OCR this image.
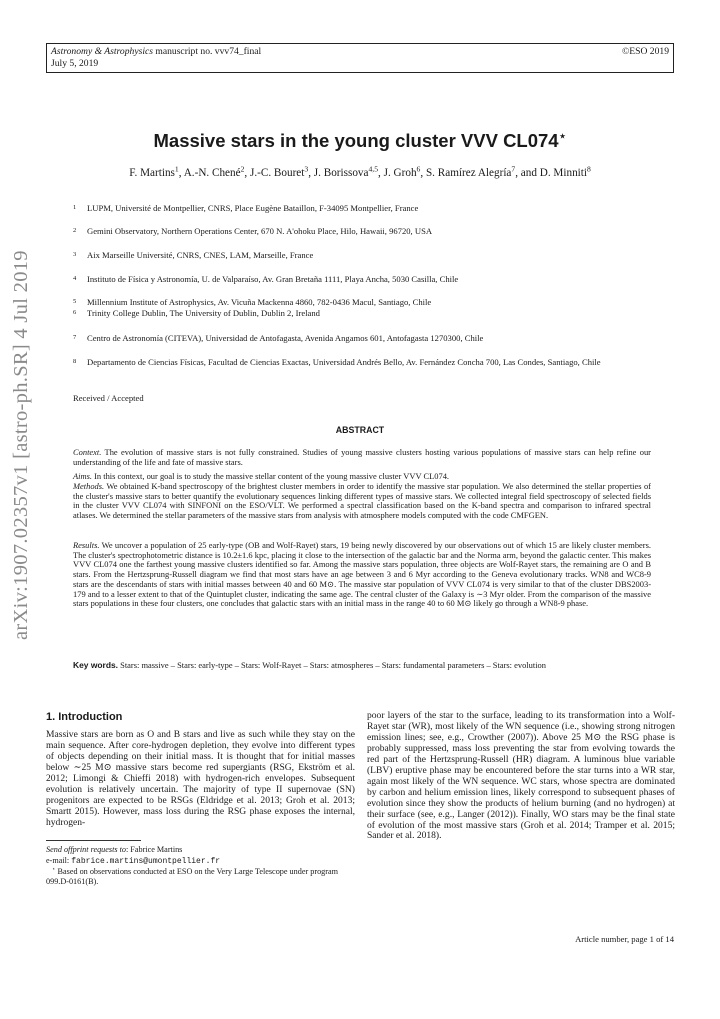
Astronomy & Astrophysics manuscript no. vvv74_final
July 5, 2019
©ESO 2019
arXiv:1907.02357v1 [astro-ph.SR] 4 Jul 2019
Massive stars in the young cluster VVV CL074⋆
F. Martins$^1$, A.-N. Chené$^2$, J.-C. Bouret$^3$, J. Borissova$^{4,5}$, J. Groh$^6$, S. Ramírez Alegría$^7$, and D. Minniti$^8$
1 LUPM, Université de Montpellier, CNRS, Place Eugène Bataillon, F-34095 Montpellier, France
2 Gemini Observatory, Northern Operations Center, 670 N. A'ohoku Place, Hilo, Hawaii, 96720, USA
3 Aix Marseille Université, CNRS, CNES, LAM, Marseille, France
4 Instituto de Física y Astronomía, U. de Valparaíso, Av. Gran Bretaña 1111, Playa Ancha, 5030 Casilla, Chile
5 Millennium Institute of Astrophysics, Av. Vicuña Mackenna 4860, 782-0436 Macul, Santiago, Chile
6 Trinity College Dublin, The University of Dublin, Dublin 2, Ireland
7 Centro de Astronomía (CITEVA), Universidad de Antofagasta, Avenida Angamos 601, Antofagasta 1270300, Chile
8 Departamento de Ciencias Físicas, Facultad de Ciencias Exactas, Universidad Andrés Bello, Av. Fernández Concha 700, Las Condes, Santiago, Chile
Received / Accepted
ABSTRACT
Context. The evolution of massive stars is not fully constrained. Studies of young massive clusters hosting various populations of massive stars can help refine our understanding of the life and fate of massive stars.
Aims. In this context, our goal is to study the massive stellar content of the young massive cluster VVV CL074.
Methods. We obtained K-band spectroscopy of the brightest cluster members in order to identify the massive star population. We also determined the stellar properties of the cluster's massive stars to better quantify the evolutionary sequences linking different types of massive stars. We collected integral field spectroscopy of selected fields in the cluster VVV CL074 with SINFONI on the ESO/VLT. We performed a spectral classification based on the K-band spectra and comparison to infrared spectral atlases. We determined the stellar parameters of the massive stars from analysis with atmosphere models computed with the code CMFGEN.
Results. We uncover a population of 25 early-type (OB and Wolf-Rayet) stars, 19 being newly discovered by our observations out of which 15 are likely cluster members. The cluster's spectrophotometric distance is 10.2±1.6 kpc, placing it close to the intersection of the galactic bar and the Norma arm, beyond the galactic center. This makes VVV CL074 one the farthest young massive clusters identified so far. Among the massive stars population, three objects are Wolf-Rayet stars, the remaining are O and B stars. From the Hertzsprung-Russell diagram we find that most stars have an age between 3 and 6 Myr according to the Geneva evolutionary tracks. WN8 and WC8-9 stars are the descendants of stars with initial masses between 40 and 60 M⊙. The massive star population of VVV CL074 is very similar to that of the cluster DBS2003-179 and to a lesser extent to that of the Quintuplet cluster, indicating the same age. The central cluster of the Galaxy is ∼3 Myr older. From the comparison of the massive stars populations in these four clusters, one concludes that galactic stars with an initial mass in the range 40 to 60 M⊙ likely go through a WN8-9 phase.
Key words. Stars: massive – Stars: early-type – Stars: Wolf-Rayet – Stars: atmospheres – Stars: fundamental parameters – Stars: evolution
1. Introduction
Massive stars are born as O and B stars and live as such while they stay on the main sequence. After core-hydrogen depletion, they evolve into different types of objects depending on their initial mass. It is thought that for initial masses below ∼25 M⊙ massive stars become red supergiants (RSG, Ekström et al. 2012; Limongi & Chieffi 2018) with hydrogen-rich envelopes. Subsequent evolution is relatively uncertain. The majority of type II supernovae (SN) progenitors are expected to be RSGs (Eldridge et al. 2013; Groh et al. 2013; Smartt 2015). However, mass loss during the RSG phase exposes the internal, hydrogen-
poor layers of the star to the surface, leading to its transformation into a Wolf-Rayet star (WR), most likely of the WN sequence (i.e., showing strong nitrogen emission lines; see, e.g., Crowther (2007)). Above 25 M⊙ the RSG phase is probably suppressed, mass loss preventing the star from evolving towards the red part of the Hertzsprung-Russell (HR) diagram. A luminous blue variable (LBV) eruptive phase may be encountered before the star turns into a WR star, again most likely of the WN sequence. WC stars, whose spectra are dominated by carbon and helium emission lines, likely correspond to subsequent phases of evolution since they show the products of helium burning (and no hydrogen) at their surface (see, e.g., Langer (2012)). Finally, WO stars may be the final state of evolution of the most massive stars (Groh et al. 2014; Tramper et al. 2015; Sander et al. 2018).
Send offprint requests to: Fabrice Martins
e-mail: fabrice.martins@umontpellier.fr
⋆ Based on observations conducted at ESO on the Very Large Telescope under program 099.D-0161(B).
Article number, page 1 of 14
